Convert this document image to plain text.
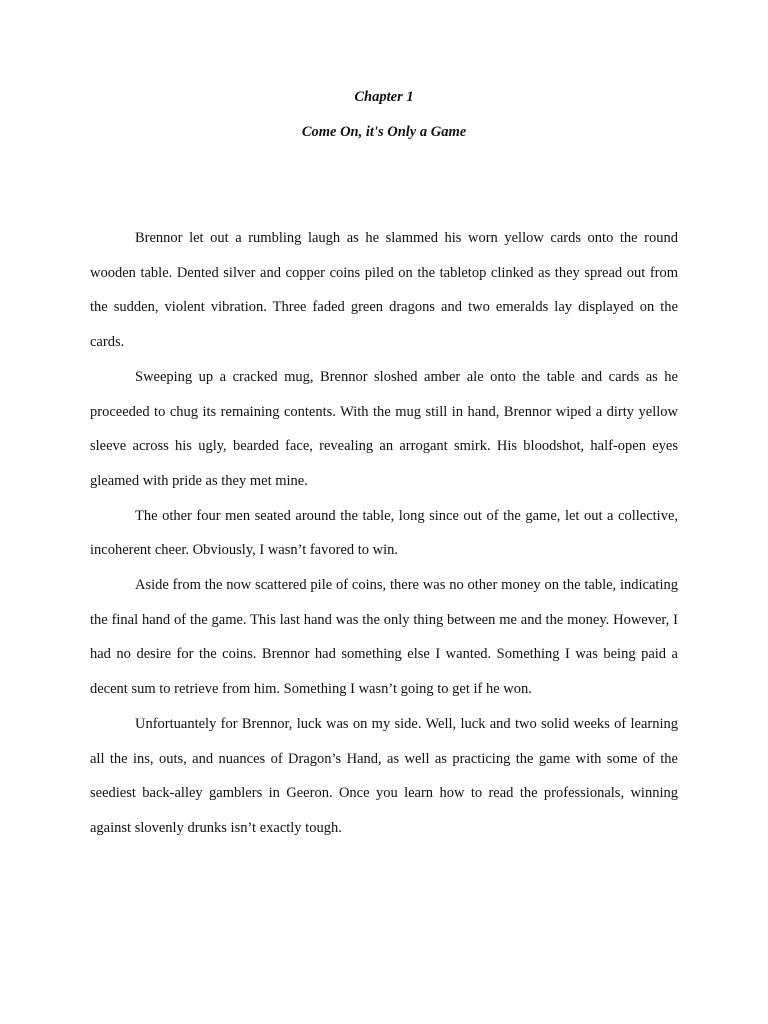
Chapter 1
Come On, it's Only a Game

Brennor let out a rumbling laugh as he slammed his worn yellow cards onto the round wooden table. Dented silver and copper coins piled on the tabletop clinked as they spread out from the sudden, violent vibration. Three faded green dragons and two emeralds lay displayed on the cards.

Sweeping up a cracked mug, Brennor sloshed amber ale onto the table and cards as he proceeded to chug its remaining contents. With the mug still in hand, Brennor wiped a dirty yellow sleeve across his ugly, bearded face, revealing an arrogant smirk. His bloodshot, half-open eyes gleamed with pride as they met mine.

The other four men seated around the table, long since out of the game, let out a collective, incoherent cheer. Obviously, I wasn’t favored to win.

Aside from the now scattered pile of coins, there was no other money on the table, indicating the final hand of the game. This last hand was the only thing between me and the money. However, I had no desire for the coins. Brennor had something else I wanted. Something I was being paid a decent sum to retrieve from him. Something I wasn’t going to get if he won.

Unfortuantely for Brennor, luck was on my side. Well, luck and two solid weeks of learning all the ins, outs, and nuances of Dragon’s Hand, as well as practicing the game with some of the seediest back-alley gamblers in Geeron. Once you learn how to read the professionals, winning against slovenly drunks isn’t exactly tough.
